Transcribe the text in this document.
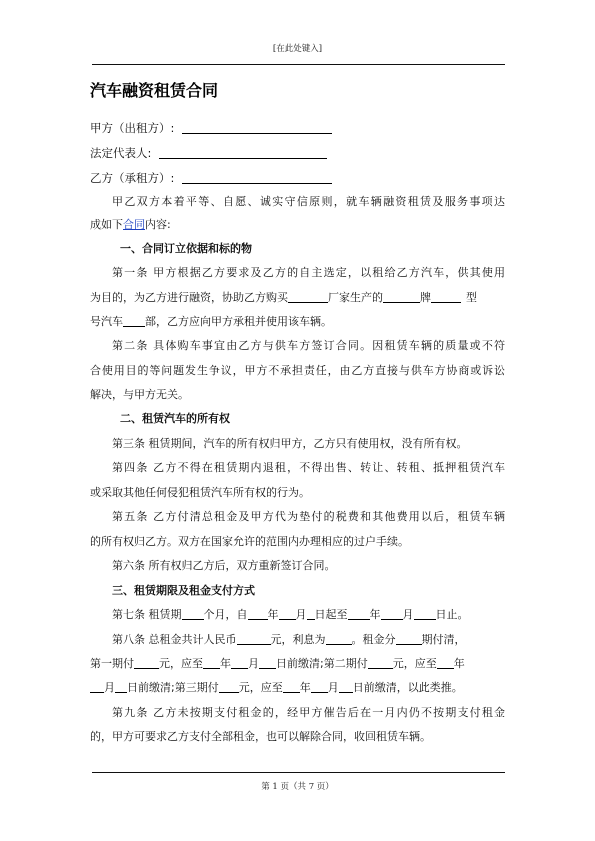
[在此处键入]
汽车融资租赁合同
甲方（出租方）:
法定代表人:
乙方（承租方）:
甲乙双方本着平等、自愿、诚实守信原则，就车辆融资租赁及服务事项达
成如下合同内容:
一、合同订立依据和标的物
第一条 甲方根据乙方要求及乙方的自主选定，以租给乙方汽车，供其使用
为目的，为乙方进行融资，协助乙方购买	厂家生产的	牌	型
号汽车 部，乙方应向甲方承租并使用该车辆。
第二条 具体购车事宜由乙方与供车方签订合同。因租赁车辆的质量或不符
合使用目的等问题发生争议，甲方不承担责任，由乙方直接与供车方协商或诉讼
解决，与甲方无关。
二、租赁汽车的所有权
第三条 租赁期间，汽车的所有权归甲方，乙方只有使用权，没有所有权。
第四条 乙方不得在租赁期内退租，不得出售、转让、转租、抵押租赁汽车
或采取其他任何侵犯租赁汽车所有权的行为。
第五条 乙方付清总租金及甲方代为垫付的税费和其他费用以后，租赁车辆
的所有权归乙方。双方在国家允许的范围内办理相应的过户手续。
第六条 所有权归乙方后，双方重新签订合同。
三、租赁期限及租金支付方式
第七条 租赁期 个月，自 年 月 日起至 年 月 日止。
第八条 总租金共计人民币	元，利息为 。租金分 期付清，
第一期付 元，应至 年 月 日前缴清;第二期付 元，应至 年
月 日前缴清;第三期付 元，应至 年 月 日前缴清，以此类推。
第九条 乙方未按期支付租金的，经甲方催告后在一月内仍不按期支付租金
的，甲方可要求乙方支付全部租金，也可以解除合同，收回租赁车辆。
第 1 页（共 7 页）
